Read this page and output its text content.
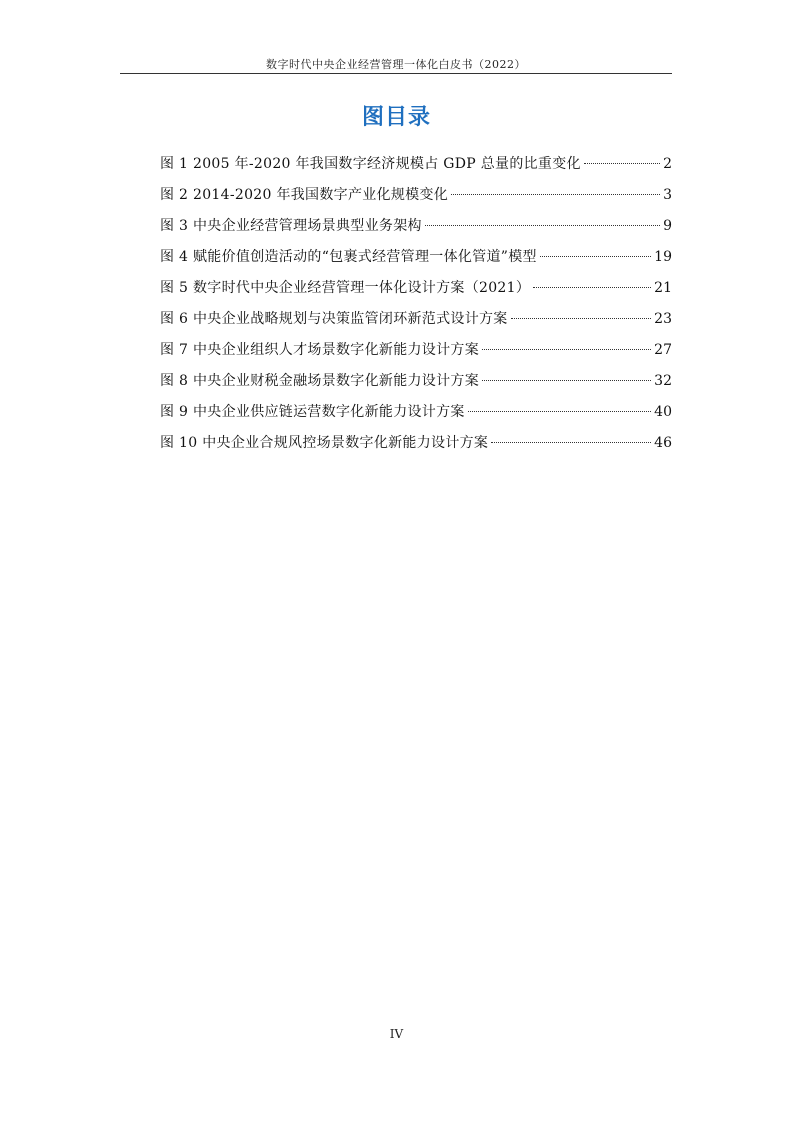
数字时代中央企业经营管理一体化白皮书（2022）
图目录
图 1 2005 年-2020 年我国数字经济规模占 GDP 总量的比重变化	2
图 2 2014-2020 年我国数字产业化规模变化	3
图 3 中央企业经营管理场景典型业务架构	9
图 4 赋能价值创造活动的“包裹式经营管理一体化管道”模型	19
图 5 数字时代中央企业经营管理一体化设计方案（2021）	21
图 6 中央企业战略规划与决策监管闭环新范式设计方案	23
图 7 中央企业组织人才场景数字化新能力设计方案	27
图 8 中央企业财税金融场景数字化新能力设计方案	32
图 9 中央企业供应链运营数字化新能力设计方案	40
图 10 中央企业合规风控场景数字化新能力设计方案	46
IV
